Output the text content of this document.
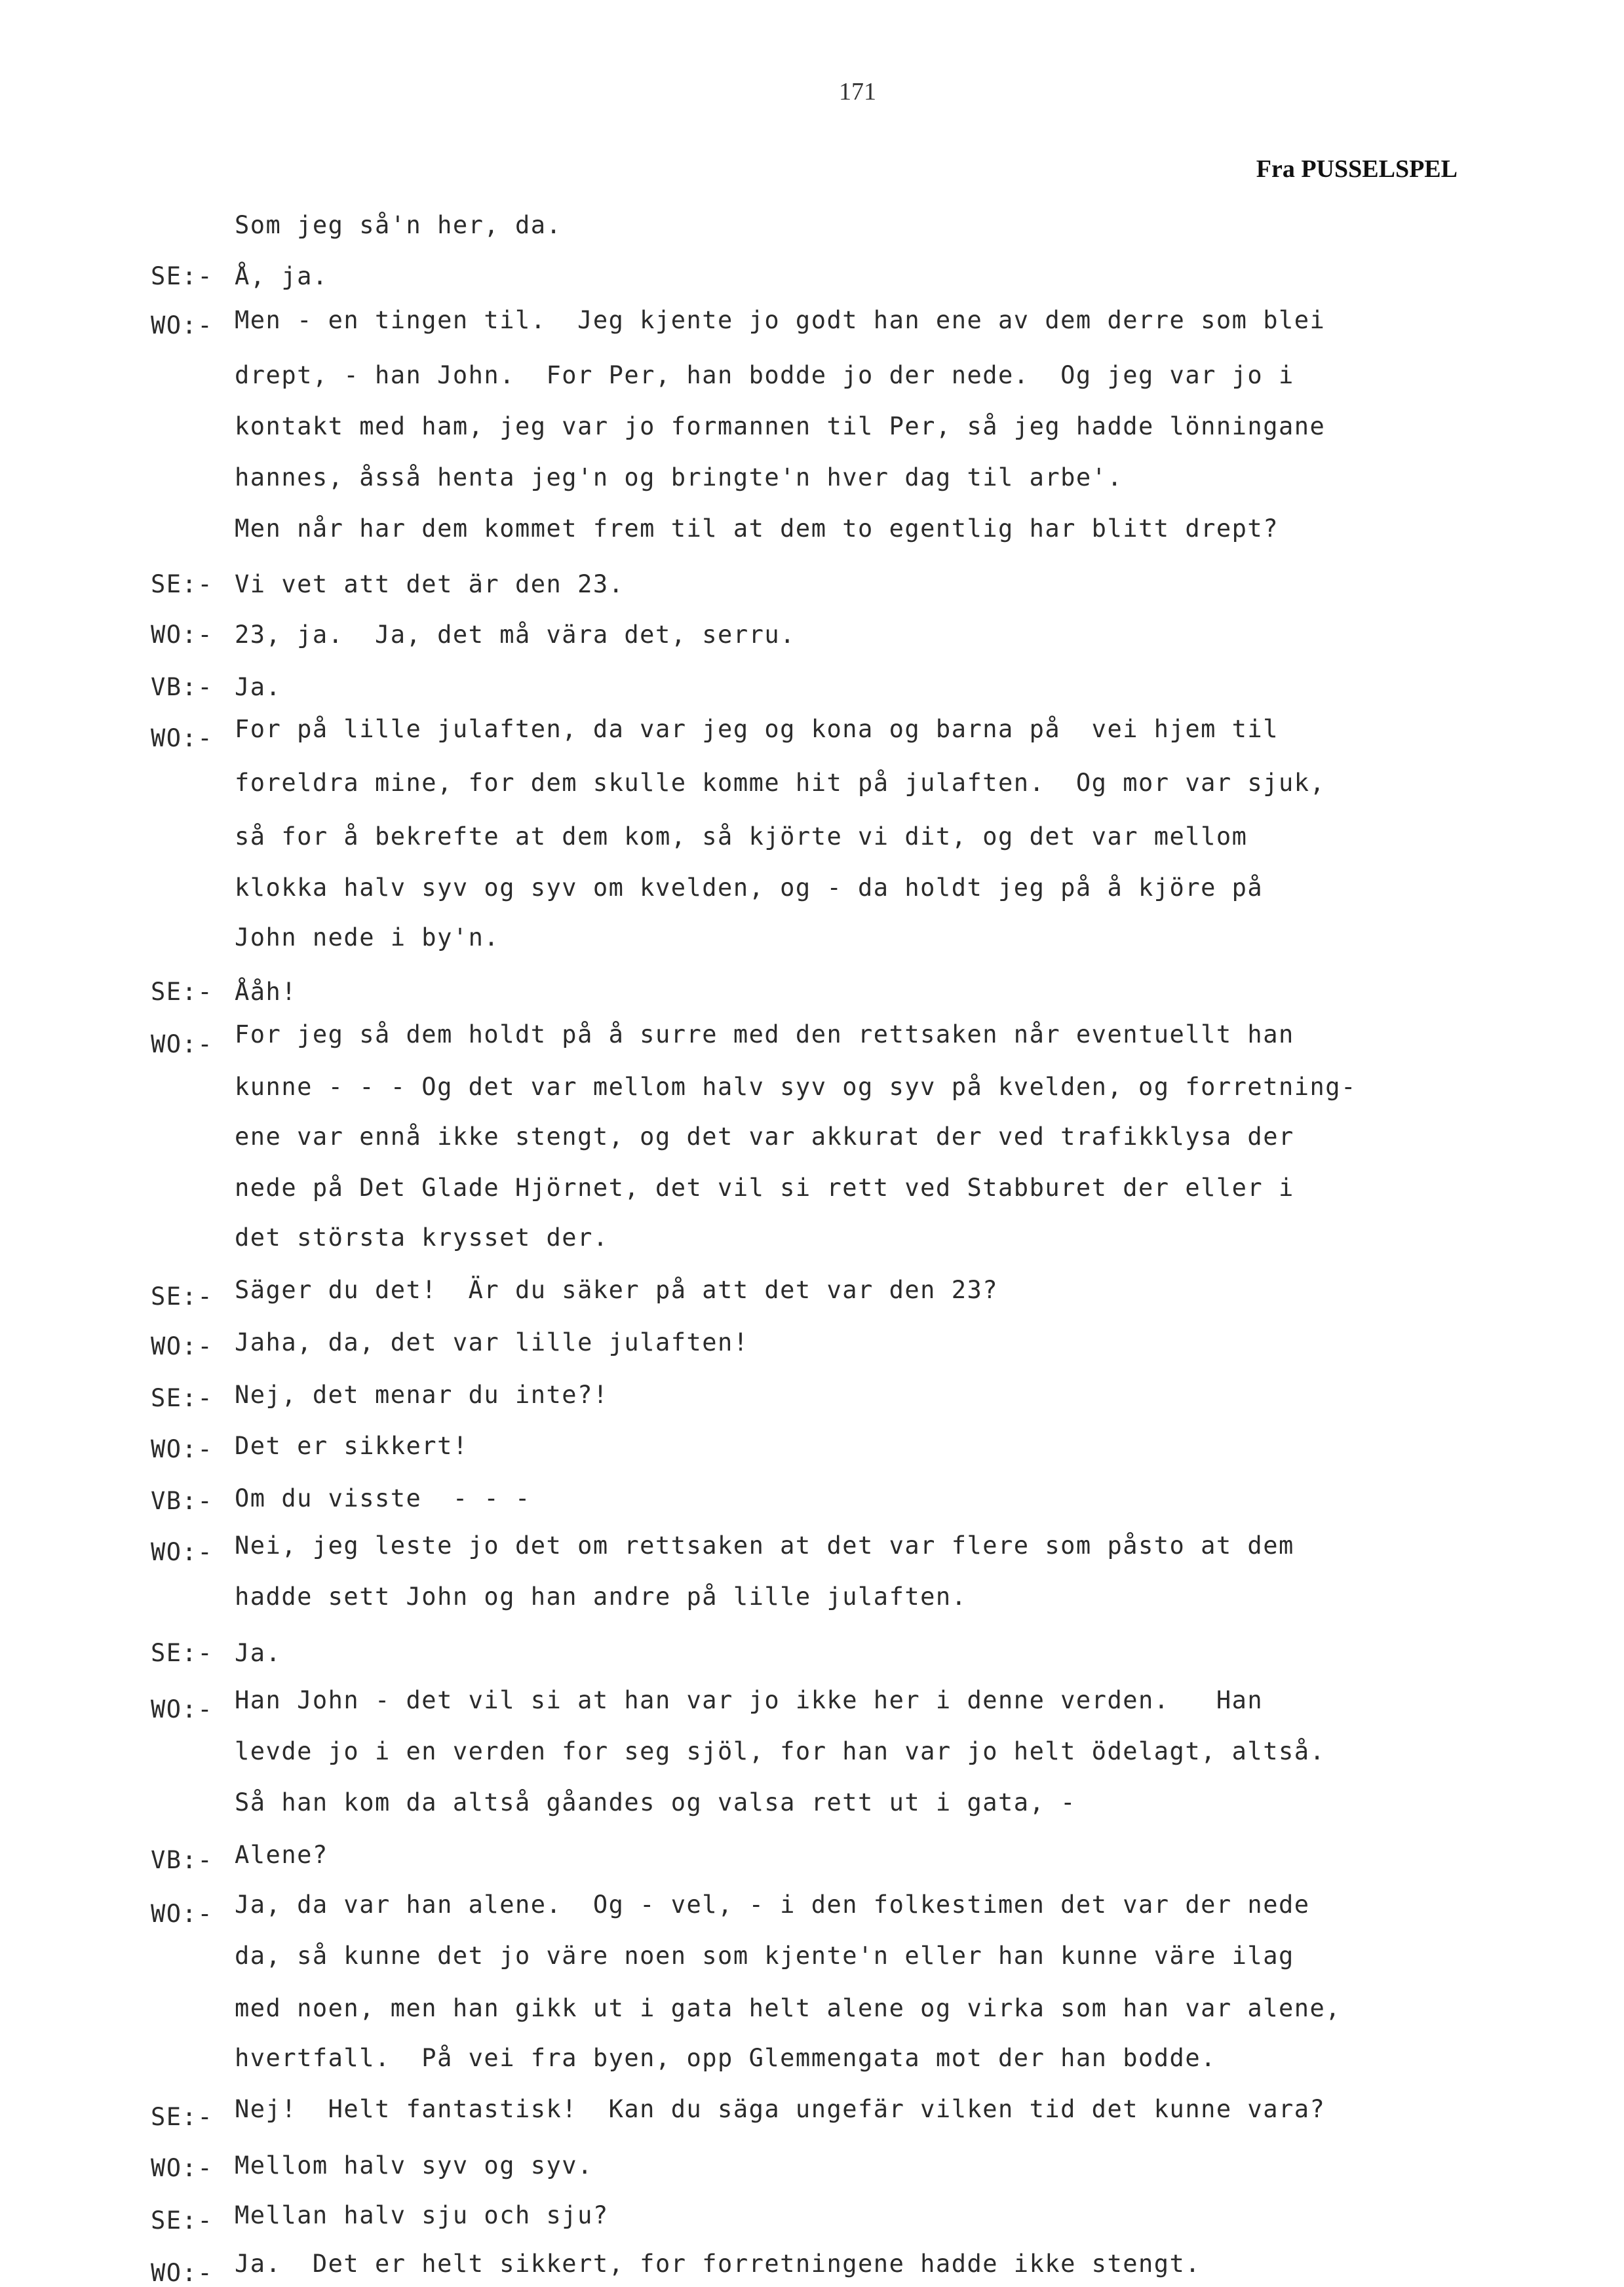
171
Fra PUSSELSPEL
Som jeg så'n her, da.
SE:- Å, ja.
WO:- Men - en tingen til.  Jeg kjente jo godt han ene av dem derre som blei
drept, - han John.  For Per, han bodde jo der nede.  Og jeg var jo i
kontakt med ham, jeg var jo formannen til Per, så jeg hadde lönningane
hannes, åsså henta jeg'n og bringte'n hver dag til arbe'.
Men når har dem kommet frem til at dem to egentlig har blitt drept?
SE:- Vi vet att det är den 23.
WO:- 23, ja.  Ja, det må vära det, serru.
VB:- Ja.
WO:- For på lille julaften, da var jeg og kona og barna på  vei hjem til
foreldra mine, for dem skulle komme hit på julaften.  Og mor var sjuk,
så for å bekrefte at dem kom, så kjörte vi dit, og det var mellom
klokka halv syv og syv om kvelden, og - da holdt jeg på å kjöre på
John nede i by'n.
SE:- Ååh!
WO:- For jeg så dem holdt på å surre med den rettsaken når eventuellt han
kunne - - - Og det var mellom halv syv og syv på kvelden, og forretning-
ene var ennå ikke stengt, og det var akkurat der ved trafikklysa der
nede på Det Glade Hjörnet, det vil si rett ved Stabburet der eller i
det största krysset der.
SE:- Säger du det!  Är du säker på att det var den 23?
WO:- Jaha, da, det var lille julaften!
SE:- Nej, det menar du inte?!
WO:- Det er sikkert!
VB:- Om du visste  - - -
WO:- Nei, jeg leste jo det om rettsaken at det var flere som påsto at dem
hadde sett John og han andre på lille julaften.
SE:- Ja.
WO:- Han John - det vil si at han var jo ikke her i denne verden.   Han
levde jo i en verden for seg sjöl, for han var jo helt ödelagt, altså.
Så han kom da altså gåandes og valsa rett ut i gata, -
VB:- Alene?
WO:- Ja, da var han alene.  Og - vel, - i den folkestimen det var der nede
da, så kunne det jo väre noen som kjente'n eller han kunne väre ilag
med noen, men han gikk ut i gata helt alene og virka som han var alene,
hvertfall.  På vei fra byen, opp Glemmengata mot der han bodde.
SE:- Nej!  Helt fantastisk!  Kan du säga ungefär vilken tid det kunne vara?
WO:- Mellom halv syv og syv.
SE:- Mellan halv sju och sju?
WO:- Ja.  Det er helt sikkert, for forretningene hadde ikke stengt.
